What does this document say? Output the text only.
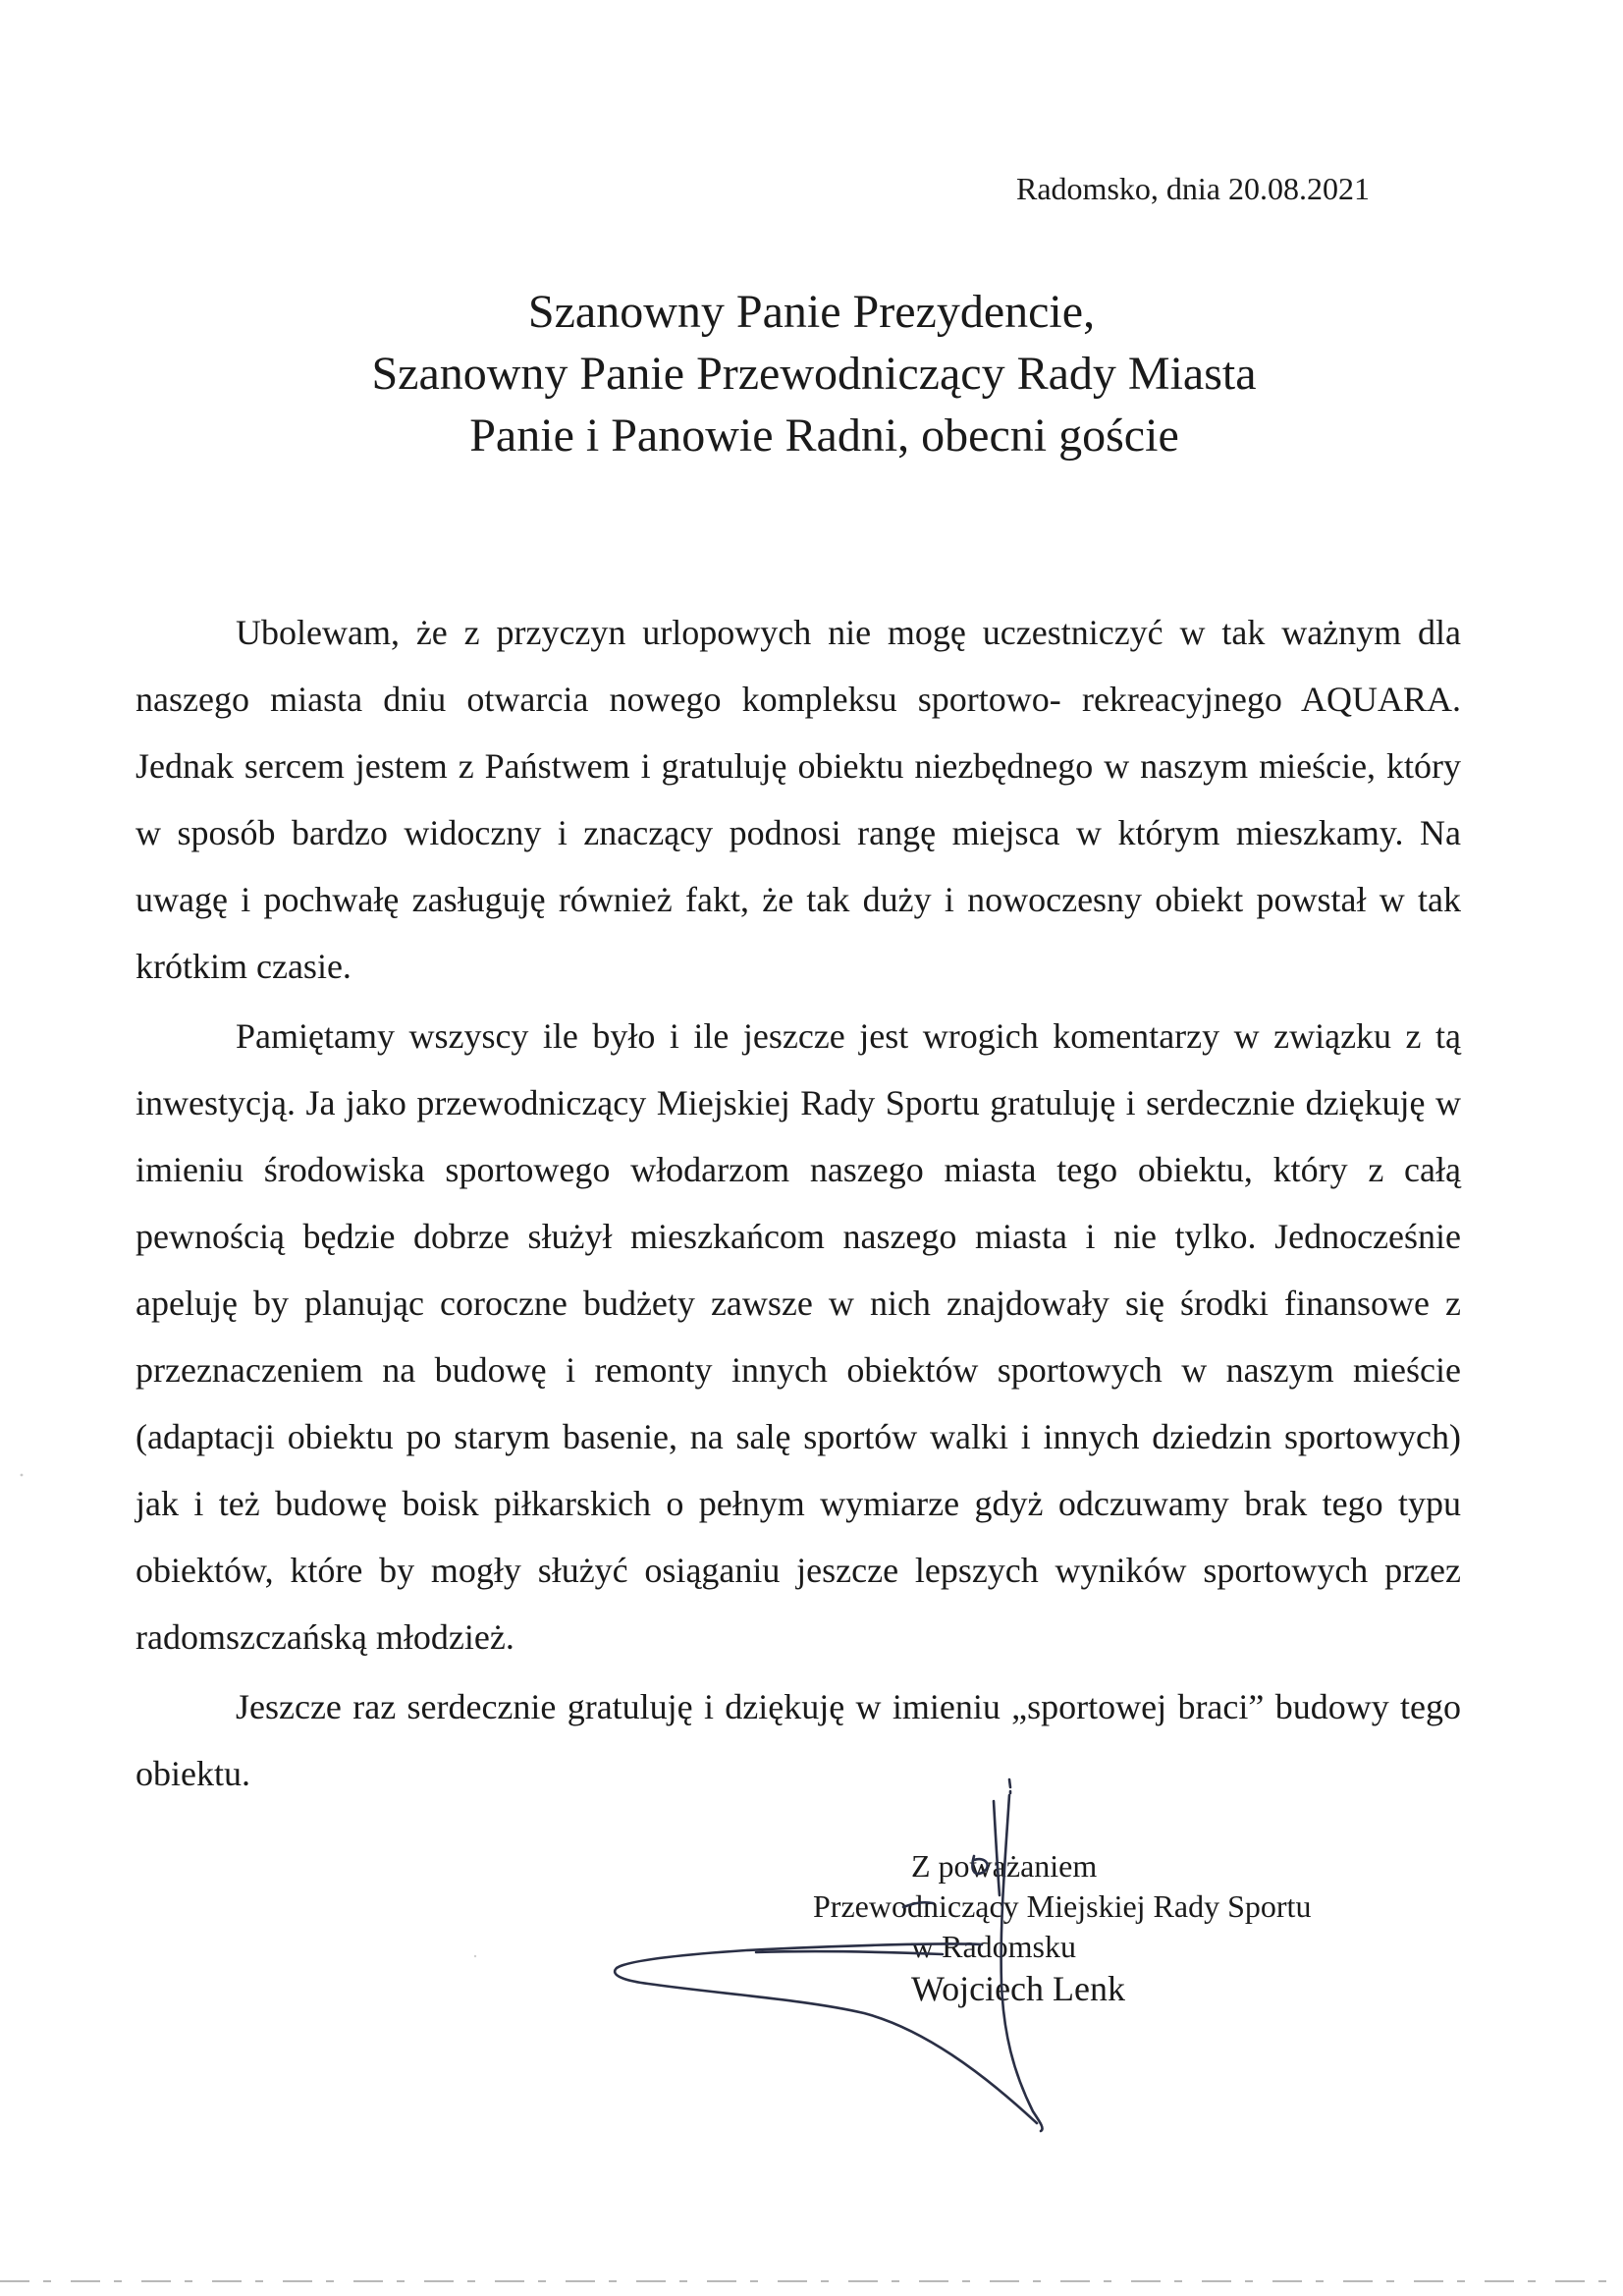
Radomsko, dnia 20.08.2021
Szanowny Panie Prezydencie,
Szanowny Panie Przewodniczący Rady Miasta
Panie i Panowie Radni, obecni goście

Ubolewam, że z przyczyn urlopowych nie mogę uczestniczyć w tak ważnym dla naszego miasta dniu otwarcia nowego kompleksu sportowo- rekreacyjnego AQUARA. Jednak sercem jestem z Państwem i gratuluję obiektu niezbędnego w naszym mieście, który w sposób bardzo widoczny i znaczący podnosi rangę miejsca w którym mieszkamy. Na uwagę i pochwałę zasługuję również fakt, że tak duży i nowoczesny obiekt powstał w tak krótkim czasie.

Pamiętamy wszyscy ile było i ile jeszcze jest wrogich komentarzy w związku z tą inwestycją. Ja jako przewodniczący Miejskiej Rady Sportu gratuluję i serdecznie dziękuję w imieniu środowiska sportowego włodarzom naszego miasta tego obiektu, który z całą pewnością będzie dobrze służył mieszkańcom naszego miasta i nie tylko. Jednocześnie apeluję by planując coroczne budżety zawsze w nich znajdowały się środki finansowe z przeznaczeniem na budowę i remonty innych obiektów sportowych w naszym mieście (adaptacji obiektu po starym basenie, na salę sportów walki i innych dziedzin sportowych) jak i też budowę boisk piłkarskich o pełnym wymiarze gdyż odczuwamy brak tego typu obiektów, które by mogły służyć osiąganiu jeszcze lepszych wyników sportowych przez radomszczańską młodzież.

Jeszcze raz serdecznie gratuluję i dziękuję w imieniu „sportowej braci” budowy tego obiektu.

Z poważaniem
Przewodniczący Miejskiej Rady Sportu
w Radomsku
Wojciech Lenk
